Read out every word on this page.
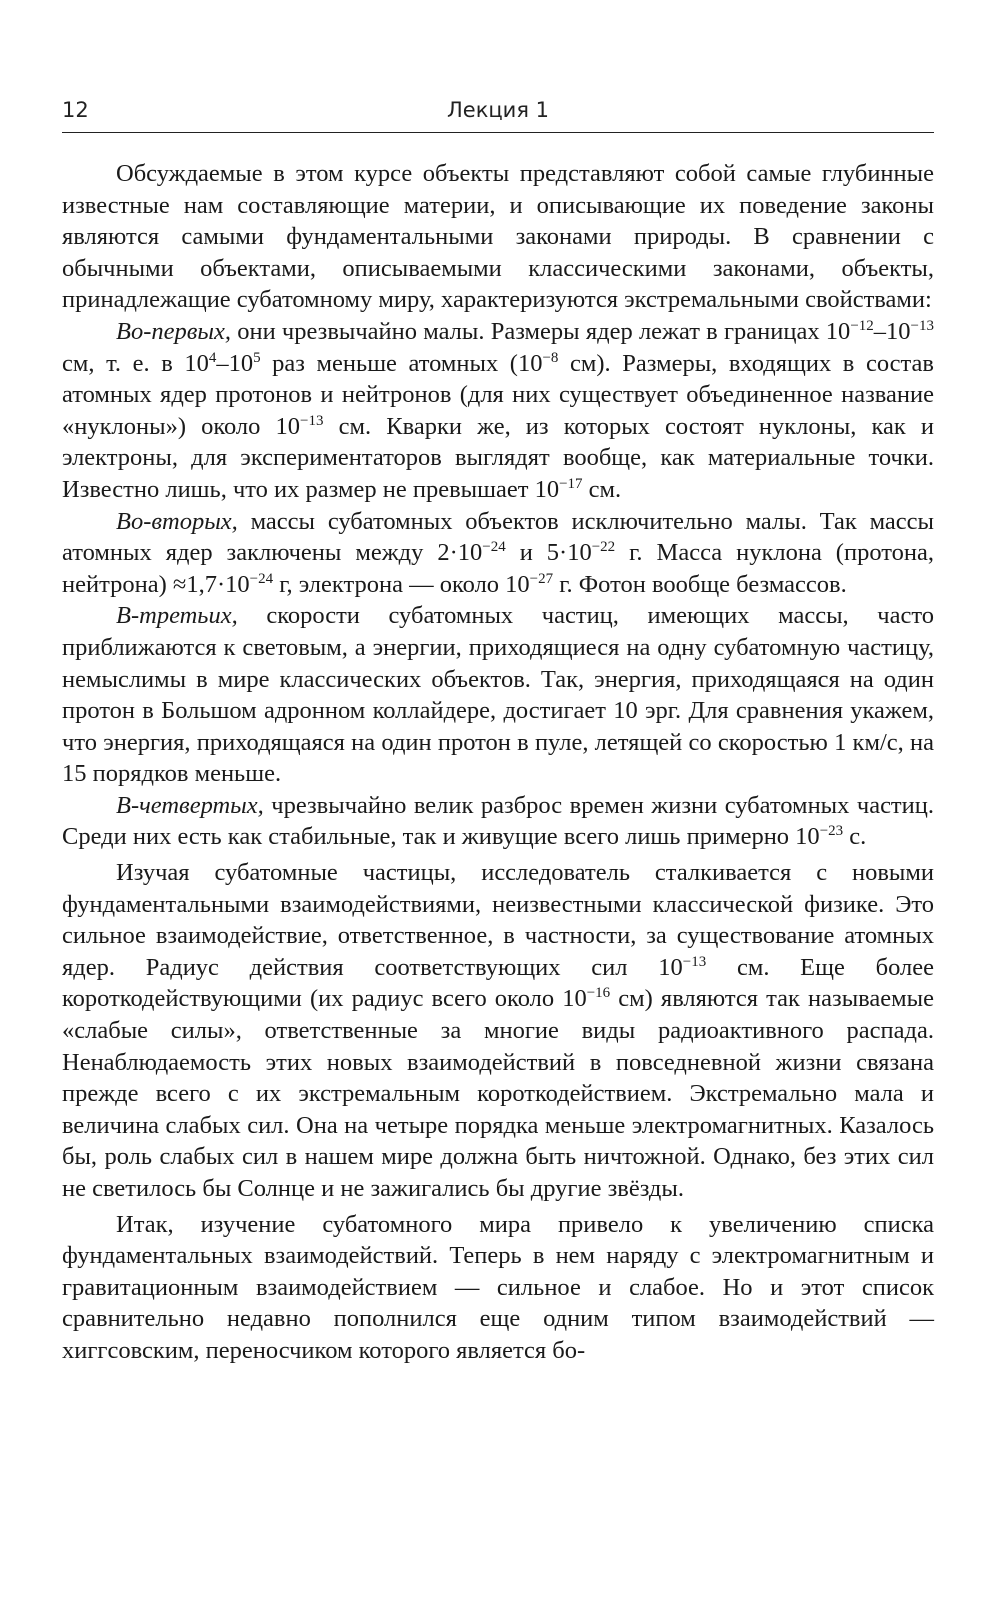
12	Лекция 1

Обсуждаемые в этом курсе объекты представляют собой самые глубинные известные нам составляющие материи, и описывающие их поведение законы являются самыми фундаментальными законами природы. В сравнении с обычными объектами, описываемыми классическими законами, объекты, принадлежащие субатомному миру, характеризуются экстремальными свойствами:

Во-первых, они чрезвычайно малы. Размеры ядер лежат в границах $10^{-12}-10^{-13}$ см, т. е. в $10^4-10^5$ раз меньше атомных ($10^{-8}$ см). Размеры, входящих в состав атомных ядер протонов и нейтронов (для них существует объединенное название «нуклоны») около $10^{-13}$ см. Кварки же, из которых состоят нуклоны, как и электроны, для экспериментаторов выглядят вообще, как материальные точки. Известно лишь, что их размер не превышает $10^{-17}$ см.

Во-вторых, массы субатомных объектов исключительно малы. Так массы атомных ядер заключены между $2\cdot 10^{-24}$ и $5\cdot 10^{-22}$ г. Масса нуклона (протона, нейтрона) $\approx 1,7\cdot 10^{-24}$ г, электрона — около $10^{-27}$ г. Фотон вообще безмассов.

В-третьих, скорости субатомных частиц, имеющих массы, часто приближаются к световым, а энергии, приходящиеся на одну субатомную частицу, немыслимы в мире классических объектов. Так, энергия, приходящаяся на один протон в Большом адронном коллайдере, достигает 10 эрг. Для сравнения укажем, что энергия, приходящаяся на один протон в пуле, летящей со скоростью 1 км/с, на 15 порядков меньше.

В-четвертых, чрезвычайно велик разброс времен жизни субатомных частиц. Среди них есть как стабильные, так и живущие всего лишь примерно $10^{-23}$ с.

Изучая субатомные частицы, исследователь сталкивается с новыми фундаментальными взаимодействиями, неизвестными классической физике. Это сильное взаимодействие, ответственное, в частности, за существование атомных ядер. Радиус действия соответствующих сил $10^{-13}$ см. Еще более короткодействующими (их радиус всего около $10^{-16}$ см) являются так называемые «слабые силы», ответственные за многие виды радиоактивного распада. Ненаблюдаемость этих новых взаимодействий в повседневной жизни связана прежде всего с их экстремальным короткодействием. Экстремально мала и величина слабых сил. Она на четыре порядка меньше электромагнитных. Казалось бы, роль слабых сил в нашем мире должна быть ничтожной. Однако, без этих сил не светилось бы Солнце и не зажигались бы другие звёзды.

Итак, изучение субатомного мира привело к увеличению списка фундаментальных взаимодействий. Теперь в нем наряду с электромагнитным и гравитационным взаимодействием — сильное и слабое. Но и этот список сравнительно недавно пополнился еще одним типом взаимодействий — хиггсовским, переносчиком которого является бо-
